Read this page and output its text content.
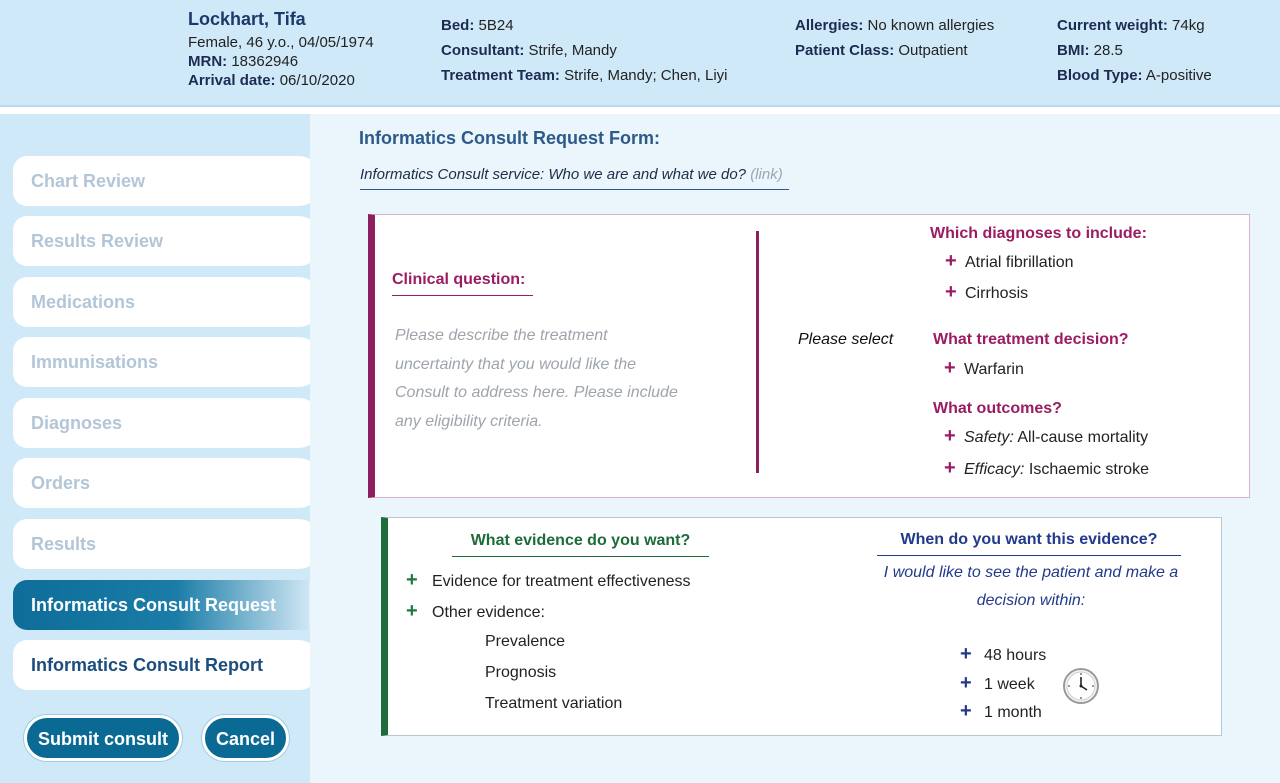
Lockhart, Tifa
Female, 46 y.o., 04/05/1974
MRN: 18362946
Arrival date: 06/10/2020
Bed: 5B24
Consultant: Strife, Mandy
Treatment Team: Strife, Mandy; Chen, Liyi
Allergies: No known allergies
Patient Class: Outpatient
Current weight: 74kg
BMI: 28.5
Blood Type: A-positive
Chart Review
Results Review
Medications
Immunisations
Diagnoses
Orders
Results
Informatics Consult Request
Informatics Consult Report
Submit consult	Cancel
Informatics Consult Request Form:
Informatics Consult service: Who we are and what we do? (link)
Clinical question:
Please describe the treatment uncertainty that you would like the Consult to address here. Please include any eligibility criteria.
Please select
Which diagnoses to include:
+ Atrial fibrillation
+ Cirrhosis
What treatment decision?
+ Warfarin
What outcomes?
+ Safety: All-cause mortality
+ Efficacy: Ischaemic stroke
What evidence do you want?
+ Evidence for treatment effectiveness
+ Other evidence:
Prevalence
Prognosis
Treatment variation
When do you want this evidence?
I would like to see the patient and make a decision within:
+ 48 hours
+ 1 week
+ 1 month
